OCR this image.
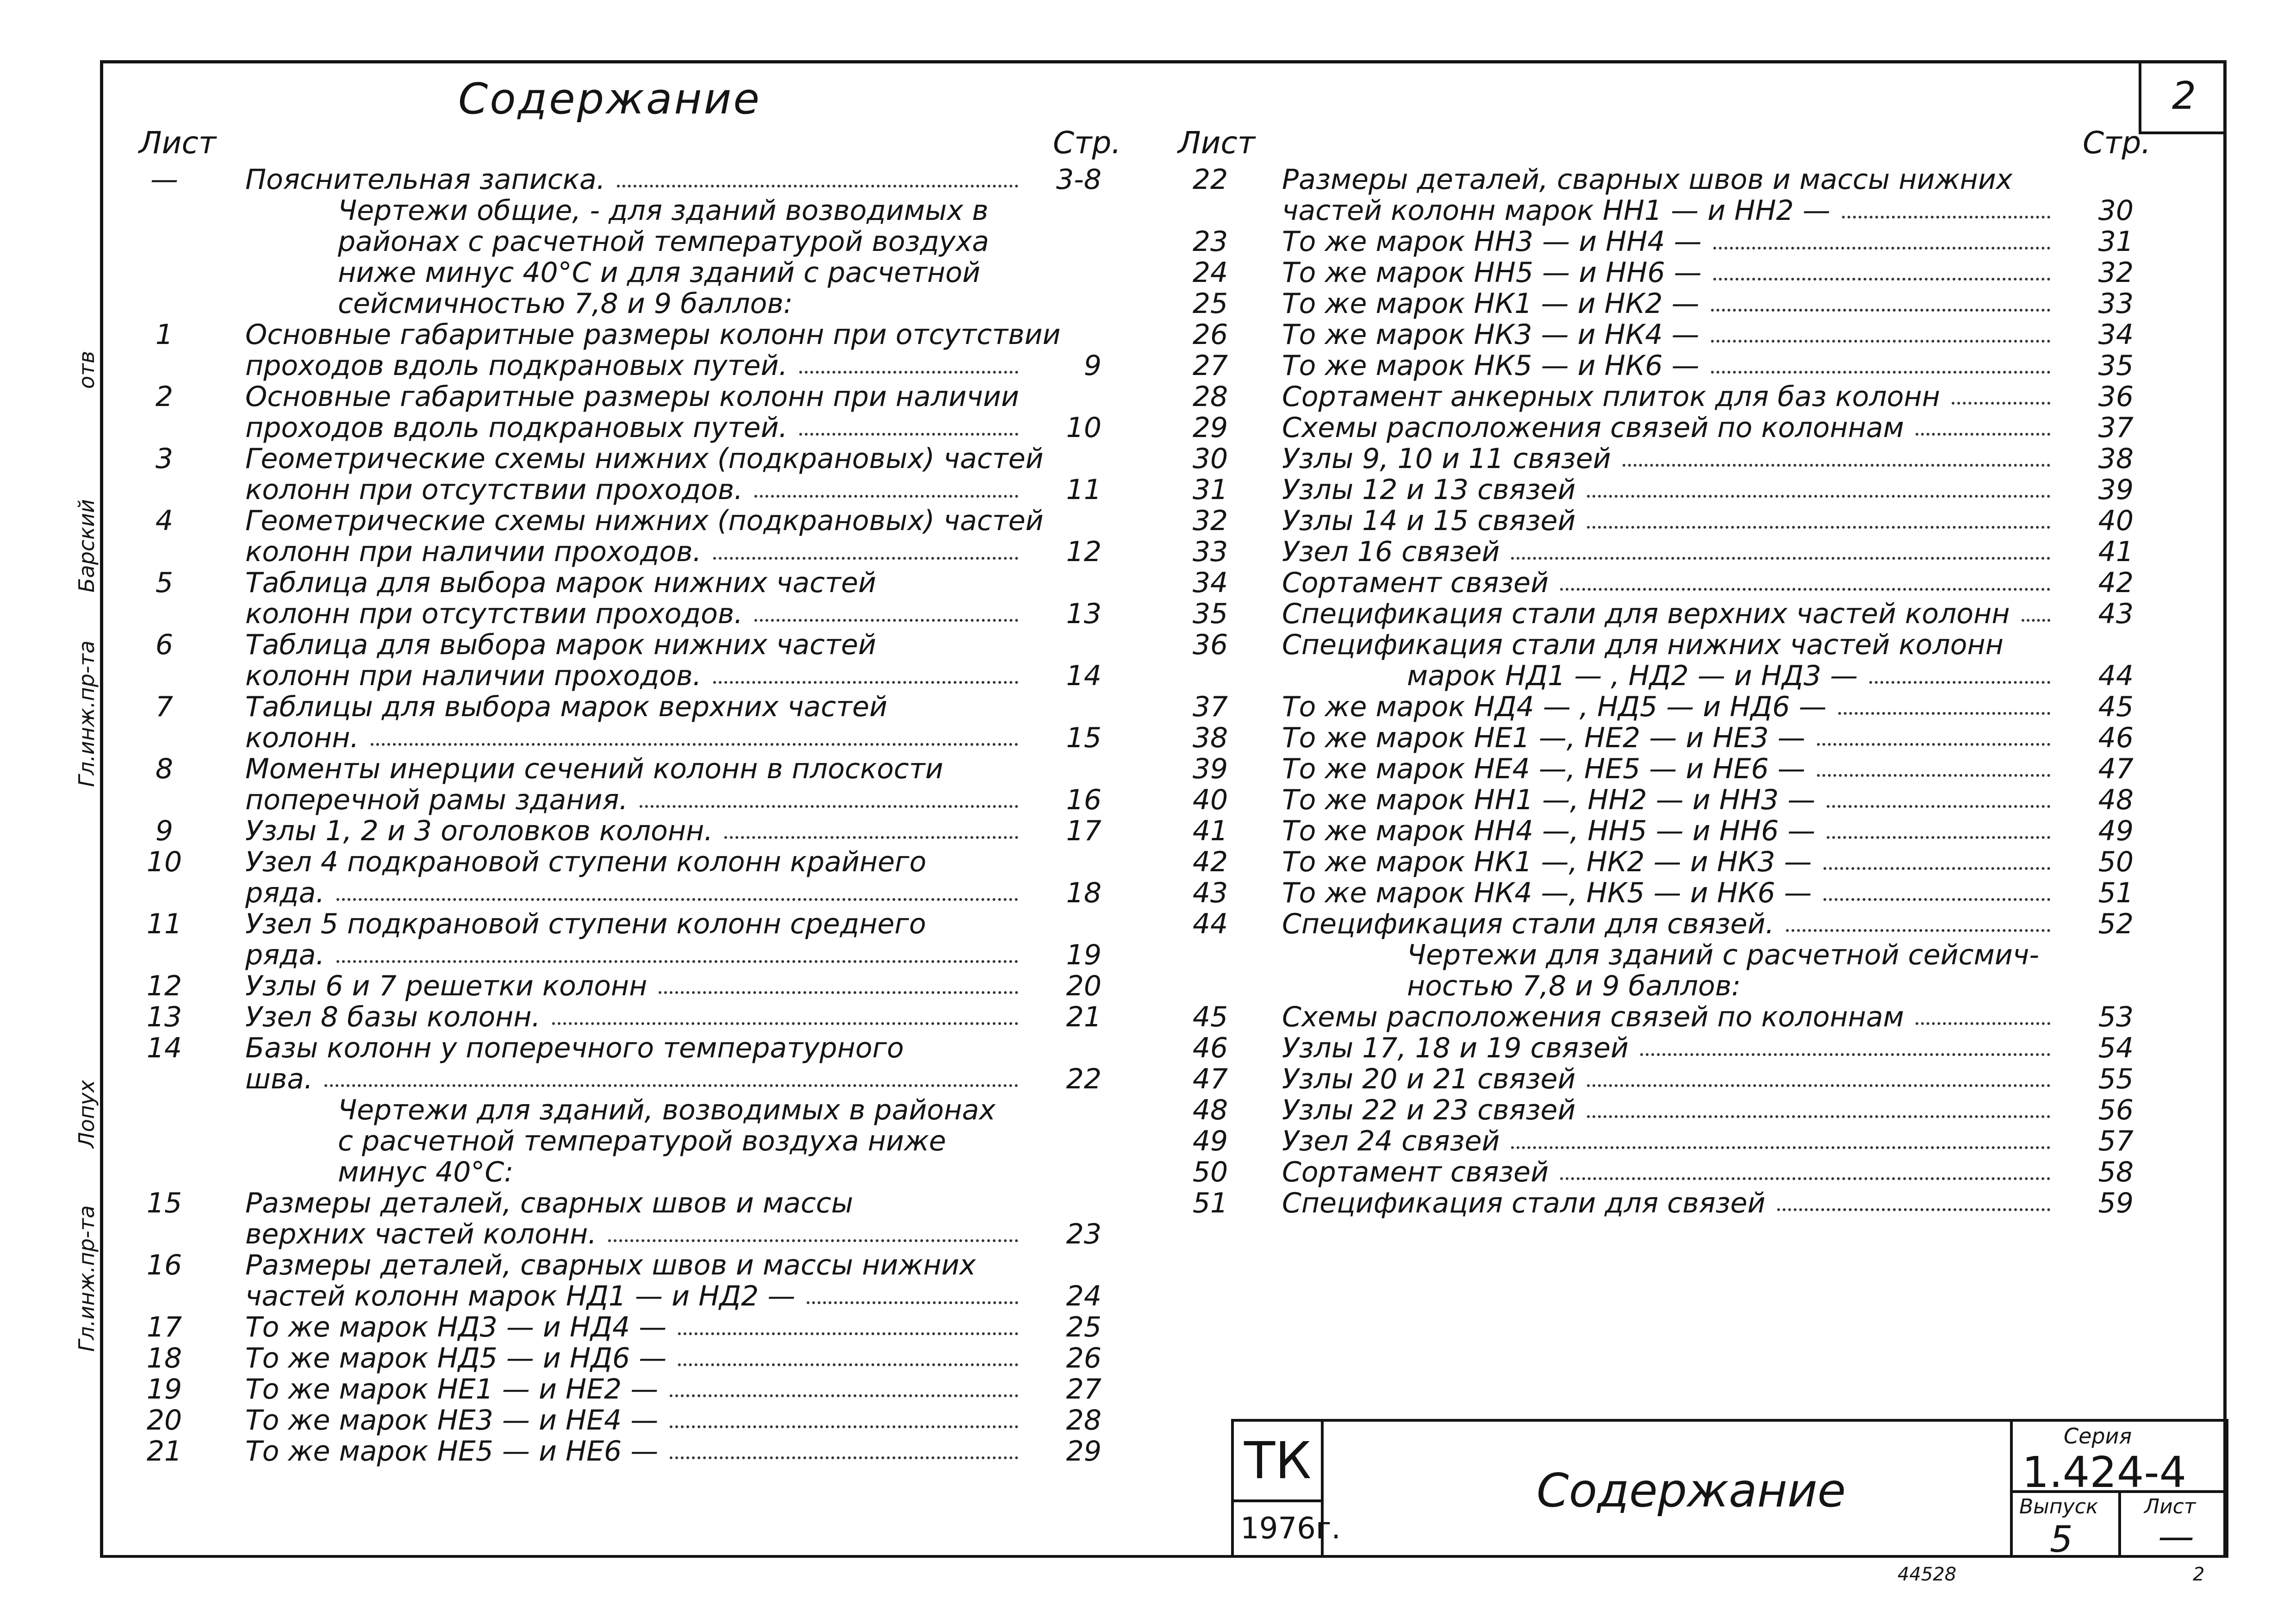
2
Содержание
Лист	Стр. Лист	Стр.
—	Пояснительная записка.	3-8
Чертежи общие, - для зданий возводимых в
районах с расчетной температурой воздуха
ниже минус 40°С и для зданий с расчетной
сейсмичностью 7,8 и 9 баллов:
1	Основные габаритные размеры колонн при отсутствии
проходов вдоль подкрановых путей.	9
2	Основные габаритные размеры колонн при наличии
проходов вдоль подкрановых путей.	10
3	Геометрические схемы нижних (подкрановых) частей
колонн при отсутствии проходов.	11
4	Геометрические схемы нижних (подкрановых) частей
колонн при наличии проходов.	12
5	Таблица для выбора марок нижних частей
колонн при отсутствии проходов.	13
6	Таблица для выбора марок нижних частей
колонн при наличии проходов.	14
7	Таблицы для выбора марок верхних частей
колонн.	15
8	Моменты инерции сечений колонн в плоскости
поперечной рамы здания.	16
9	Узлы 1, 2 и 3 оголовков колонн.	17
10	Узел 4 подкрановой ступени колонн крайнего
ряда.	18
11	Узел 5 подкрановой ступени колонн среднего
ряда.	19
12	Узлы 6 и 7 решетки колонн	20
13	Узел 8 базы колонн.	21
14	Базы колонн у поперечного температурного
шва.	22
Чертежи для зданий, возводимых в районах
с расчетной температурой воздуха ниже
минус 40°С:
15	Размеры деталей, сварных швов и массы
верхних частей колонн.	23
16	Размеры деталей, сварных швов и массы нижних
частей колонн марок НД1 — и НД2 —	24
17	То же марок НД3 — и НД4 —	25
18	То же марок НД5 — и НД6 —	26
19	То же марок НЕ1 — и НЕ2 —	27
20	То же марок НЕ3 — и НЕ4 —	28
21	То же марок НЕ5 — и НЕ6 —	29
22	Размеры деталей, сварных швов и массы нижних
частей колонн марок НН1 — и НН2 —	30
23	То же марок НН3 — и НН4 —	31
24	То же марок НН5 — и НН6 —	32
25	То же марок НК1 — и НК2 —	33
26	То же марок НК3 — и НК4 —	34
27	То же марок НК5 — и НК6 —	35
28	Сортамент анкерных плиток для баз колонн	36
29	Схемы расположения связей по колоннам	37
30	Узлы 9, 10 и 11 связей	38
31	Узлы 12 и 13 связей	39
32	Узлы 14 и 15 связей	40
33	Узел 16 связей	41
34	Сортамент связей	42
35	Спецификация стали для верхних частей колонн	43
36	Спецификация стали для нижних частей колонн
марок НД1 — , НД2 — и НД3 —	44
37	То же марок НД4 — , НД5 — и НД6 —	45
38	То же марок НЕ1 —, НЕ2 — и НЕ3 —	46
39	То же марок НЕ4 —, НЕ5 — и НЕ6 —	47
40	То же марок НН1 —, НН2 — и НН3 —	48
41	То же марок НН4 —, НН5 — и НН6 —	49
42	То же марок НК1 —, НК2 — и НК3 —	50
43	То же марок НК4 —, НК5 — и НК6 —	51
44	Спецификация стали для связей.	52
Чертежи для зданий с расчетной сейсмич-
ностью 7,8 и 9 баллов:
45	Схемы расположения связей по колоннам	53
46	Узлы 17, 18 и 19 связей	54
47	Узлы 20 и 21 связей	55
48	Узлы 22 и 23 связей	56
49	Узел 24 связей	57
50	Сортамент связей	58
51	Спецификация стали для связей	59
Гл.инж.пр-та
Лопух
Гл.инж.пр-та
Барский
отв
ТК
1976г.
Содержание
Серия
1.424-4
Выпуск
5
Лист
—
44528	2
